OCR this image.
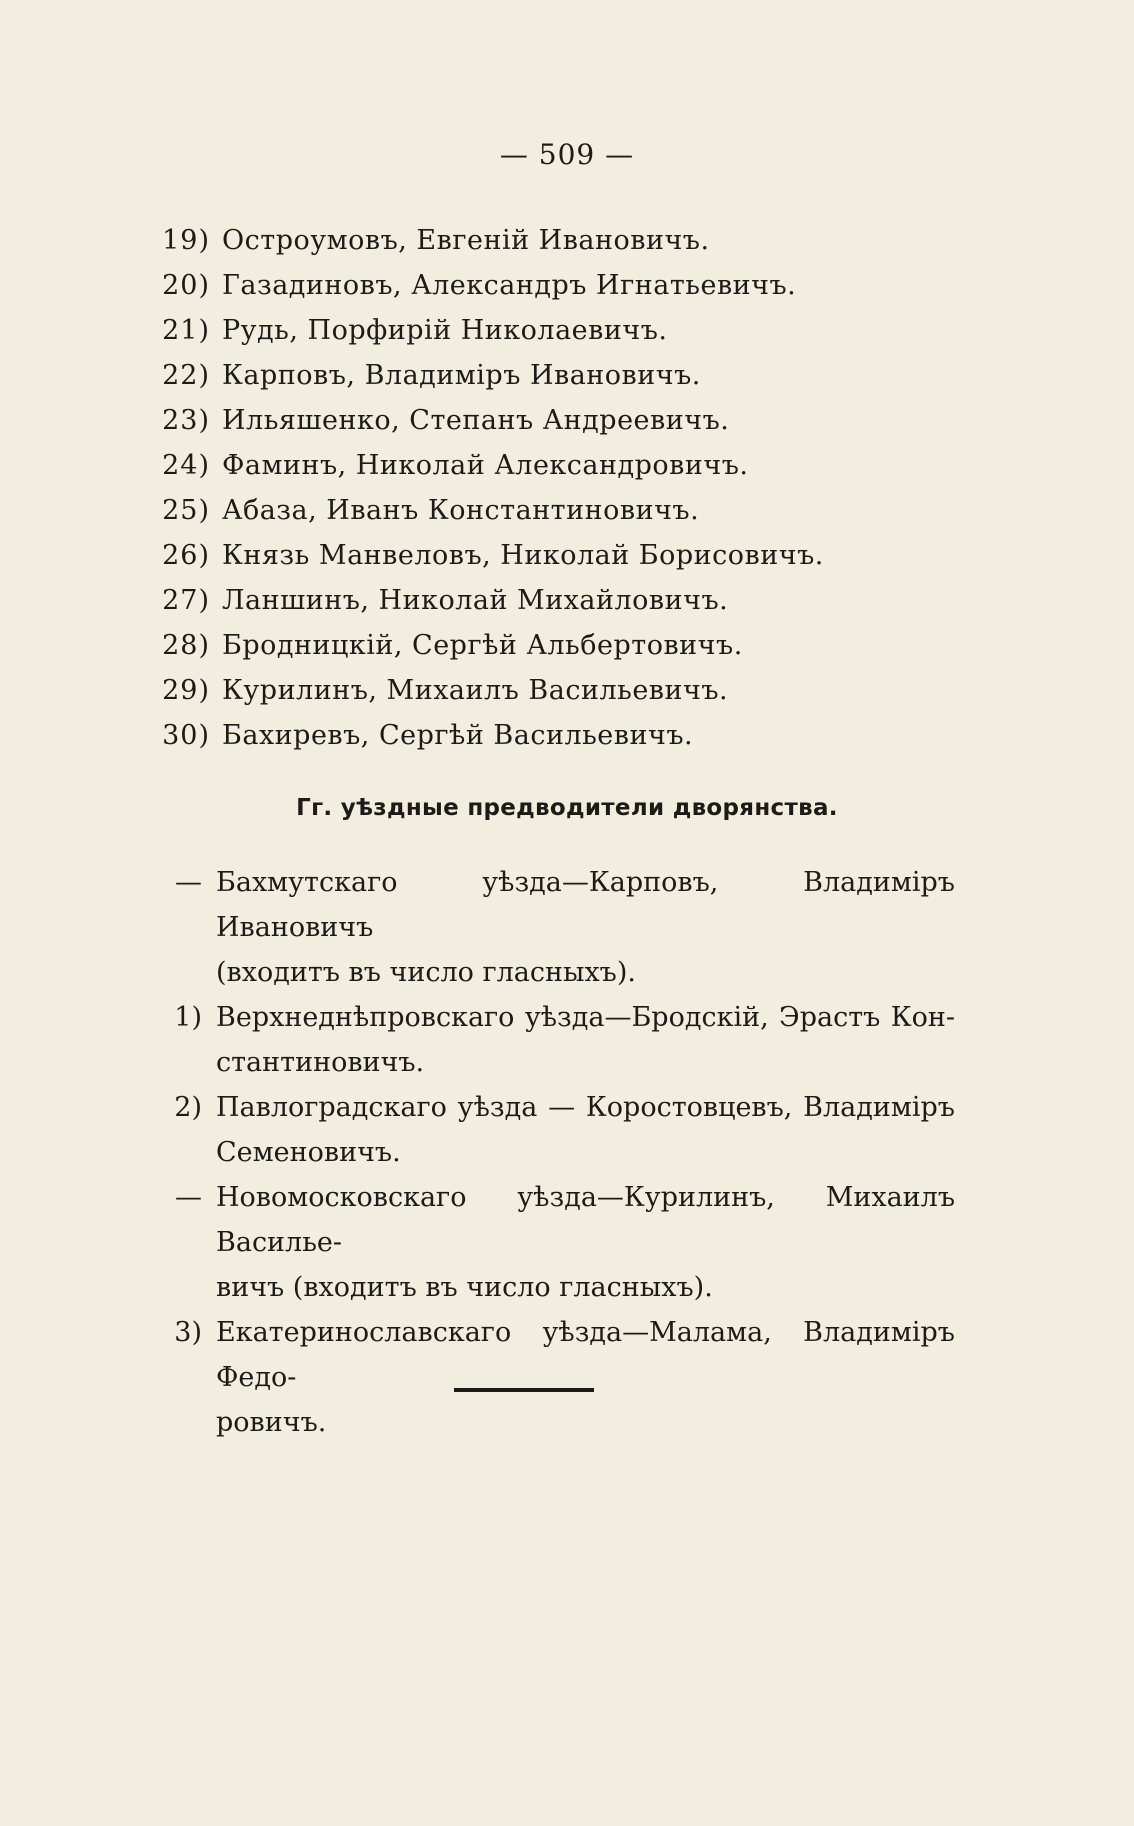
— 509 —
19) Остроумовъ, Евгеній Ивановичъ.
20) Газадиновъ, Александръ Игнатьевичъ.
21) Рудь, Порфирій Николаевичъ.
22) Карповъ, Владиміръ Ивановичъ.
23) Ильяшенко, Степанъ Андреевичъ.
24) Фаминъ, Николай Александровичъ.
25) Абаза, Иванъ Константиновичъ.
26) Князь Манвеловъ, Николай Борисовичъ.
27) Ланшинъ, Николай Михайловичъ.
28) Бродницкій, Сергѣй Альбертовичъ.
29) Курилинъ, Михаилъ Васильевичъ.
30) Бахиревъ, Сергѣй Васильевичъ.
Гг. уѣздные предводители дворянства.
— Бахмутскаго уѣзда—Карповъ, Владиміръ Ивановичъ
(входитъ въ число гласныхъ).
1) Верхнеднѣпровскаго уѣзда—Бродскій, Эрастъ Кон-
стантиновичъ.
2) Павлоградскаго уѣзда — Коростовцевъ, Владиміръ
Семеновичъ.
— Новомосковскаго уѣзда—Курилинъ, Михаилъ Василье-
вичъ (входитъ въ число гласныхъ).
3) Екатеринославскаго уѣзда—Малама, Владиміръ Федо-
ровичъ.
